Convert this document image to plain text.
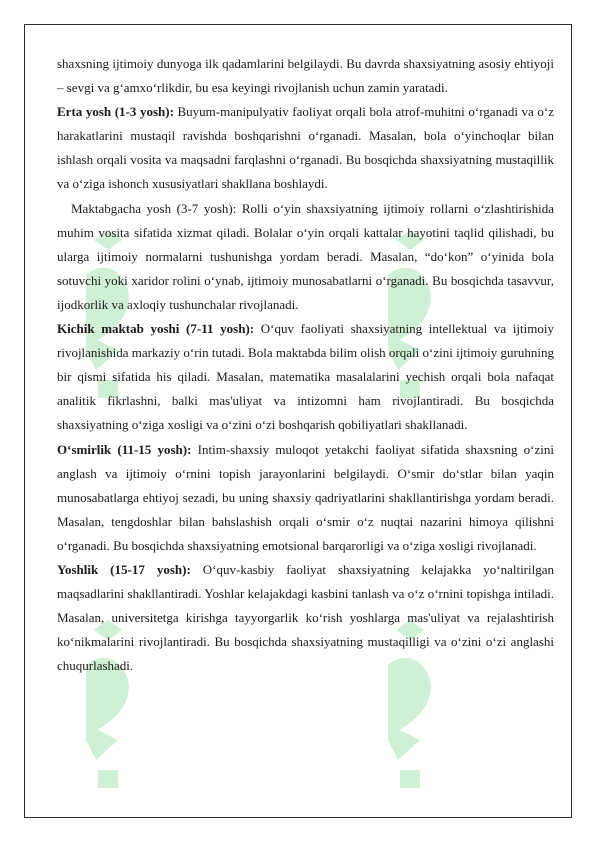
shaxsning ijtimoiy dunyoga ilk qadamlarini belgilaydi. Bu davrda shaxsiyatning asosiy ehtiyoji – sevgi va g‘amxo‘rlikdir, bu esa keyingi rivojlanish uchun zamin yaratadi.

Erta yosh (1-3 yosh): Buyum-manipulyativ faoliyat orqali bola atrof-muhitni o‘rganadi va o‘z harakatlarini mustaqil ravishda boshqarishni o‘rganadi. Masalan, bola o‘yinchoqlar bilan ishlash orqali vosita va maqsadni farqlashni o‘rganadi. Bu bosqichda shaxsiyatning mustaqillik va o‘ziga ishonch xususiyatlari shakllana boshlaydi.

Maktabgacha yosh (3-7 yosh): Rolli o‘yin shaxsiyatning ijtimoiy rollarni o‘zlashtirishida muhim vosita sifatida xizmat qiladi. Bolalar o‘yin orqali kattalar hayotini taqlid qilishadi, bu ularga ijtimoiy normalarni tushunishga yordam beradi. Masalan, “do‘kon” o‘yinida bola sotuvchi yoki xaridor rolini o‘ynab, ijtimoiy munosabatlarni o‘rganadi. Bu bosqichda tasavvur, ijodkorlik va axloqiy tushunchalar rivojlanadi.

Kichik maktab yoshi (7-11 yosh): O‘quv faoliyati shaxsiyatning intellektual va ijtimoiy rivojlanishida markaziy o‘rin tutadi. Bola maktabda bilim olish orqali o‘zini ijtimoiy guruhning bir qismi sifatida his qiladi. Masalan, matematika masalalarini yechish orqali bola nafaqat analitik fikrlashni, balki mas'uliyat va intizomni ham rivojlantiradi. Bu bosqichda shaxsiyatning o‘ziga xosligi va o‘zini o‘zi boshqarish qobiliyatlari shakllanadi.

O‘smirlik (11-15 yosh): Intim-shaxsiy muloqot yetakchi faoliyat sifatida shaxsning o‘zini anglash va ijtimoiy o‘rnini topish jarayonlarini belgilaydi. O‘smir do‘stlar bilan yaqin munosabatlarga ehtiyoj sezadi, bu uning shaxsiy qadriyatlarini shakllantirishga yordam beradi. Masalan, tengdoshlar bilan bahslashish orqali o‘smir o‘z nuqtai nazarini himoya qilishni o‘rganadi. Bu bosqichda shaxsiyatning emotsional barqarorligi va o‘ziga xosligi rivojlanadi.

Yoshlik (15-17 yosh): O‘quv-kasbiy faoliyat shaxsiyatning kelajakka yo‘naltirilgan maqsadlarini shakllantiradi. Yoshlar kelajakdagi kasbini tanlash va o‘z o‘rnini topishga intiladi. Masalan, universitetga kirishga tayyorgarlik ko‘rish yoshlarga mas'uliyat va rejalashtirish ko‘nikmalarini rivojlantiradi. Bu bosqichda shaxsiyatning mustaqilligi va o‘zini o‘zi anglashi chuqurlashadi.
